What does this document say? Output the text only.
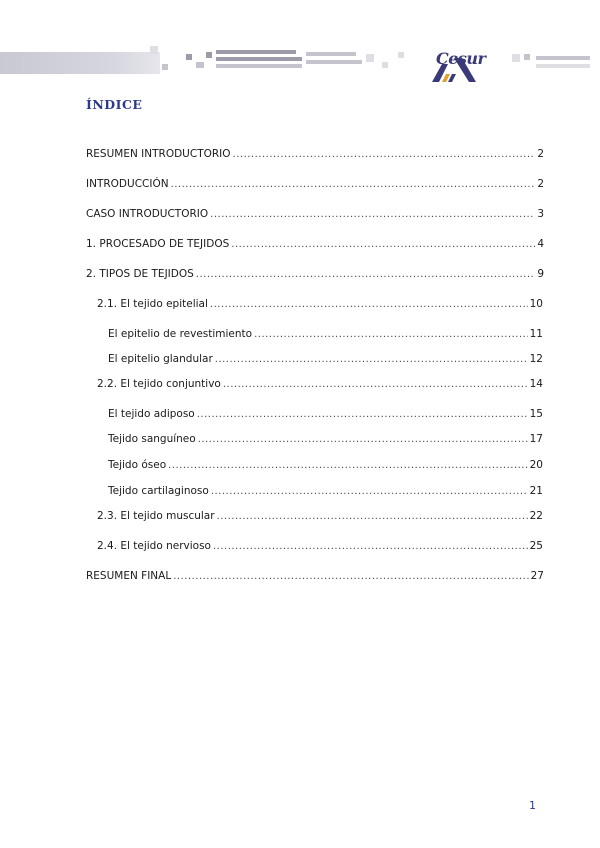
Cesur
ÍNDICE
RESUMEN INTRODUCTORIO .....	2
INTRODUCCIÓN .....	2
CASO INTRODUCTORIO .....	3
1. PROCESADO DE TEJIDOS .....	4
2. TIPOS DE TEJIDOS .....	9
2.1. El tejido epitelial .....	10
El epitelio de revestimiento .....	11
El epitelio glandular .....	12
2.2. El tejido conjuntivo .....	14
El tejido adiposo .....	15
Tejido sanguíneo .....	17
Tejido óseo .....	20
Tejido cartilaginoso .....	21
2.3. El tejido muscular .....	22
2.4. El tejido nervioso .....	25
RESUMEN FINAL .....	27
1
